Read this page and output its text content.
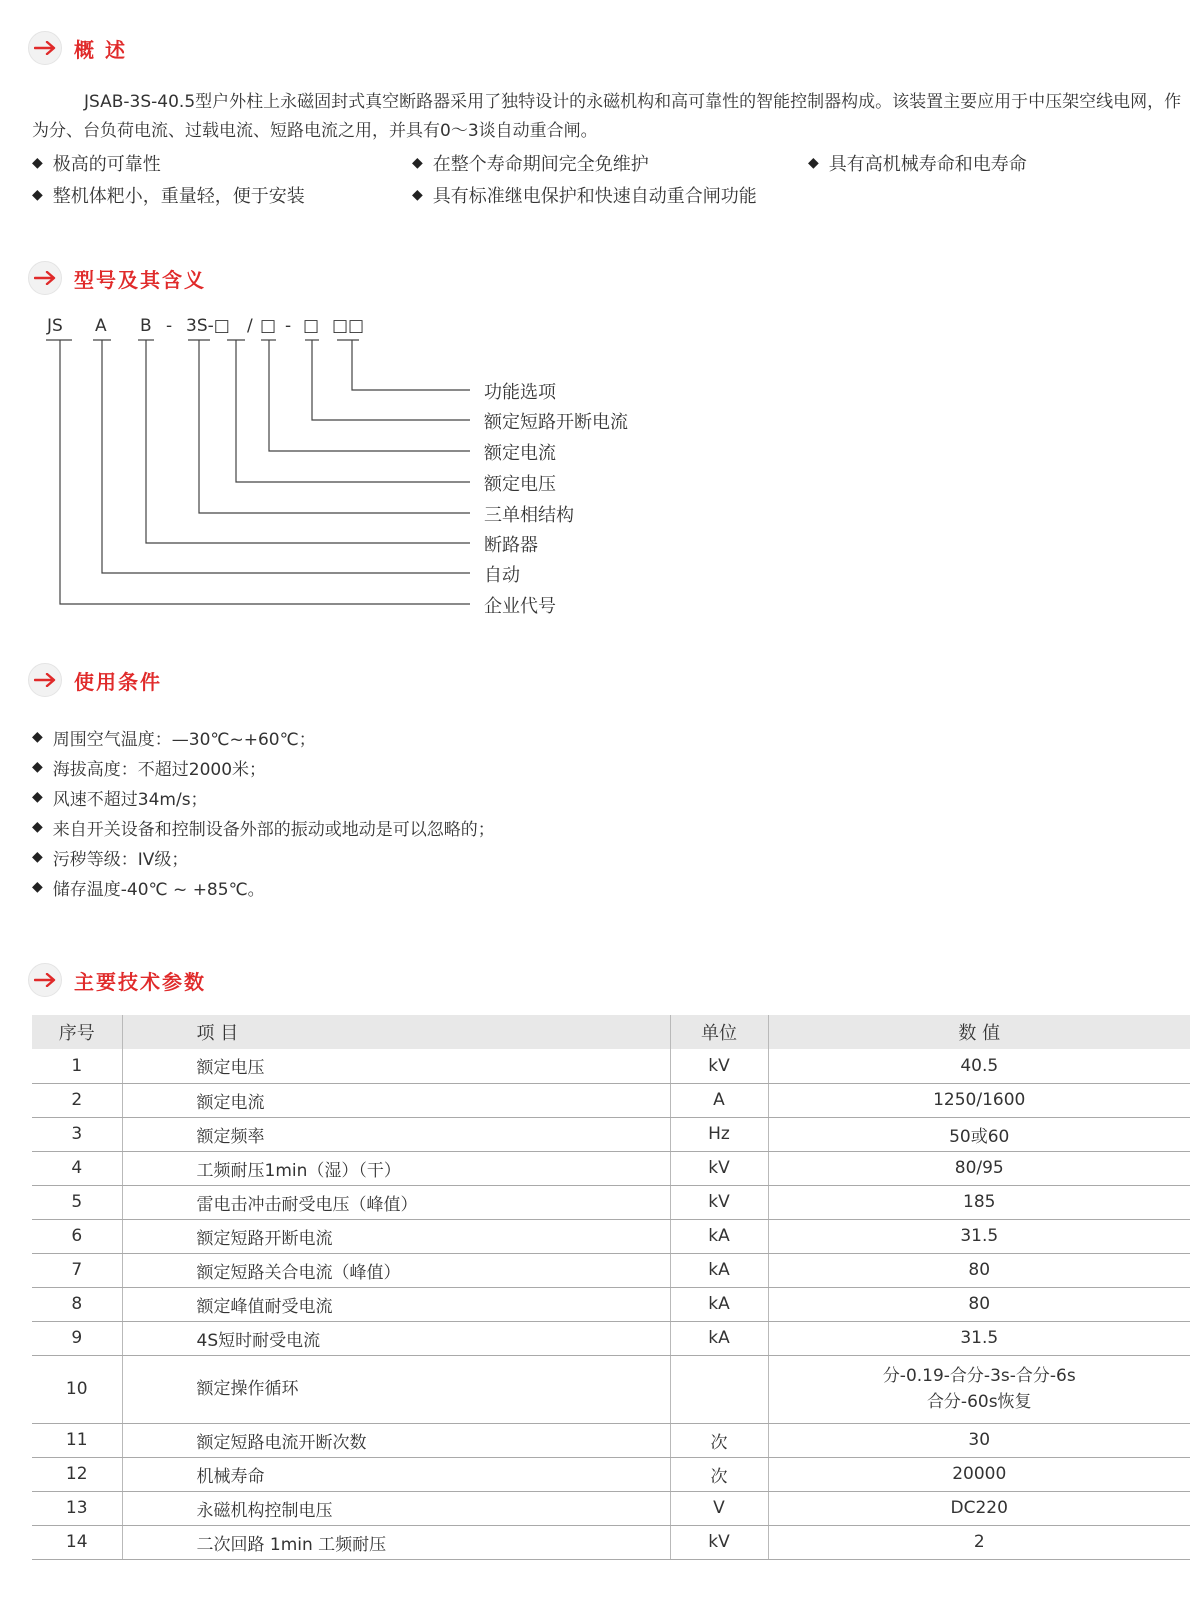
概 述

JSAB-3S-40.5型户外柱上永磁固封式真空断路器采用了独特设计的永磁机构和高可靠性的智能控制器构成。该装置主要应用于中压架空线电网，作为分、台负荷电流、过载电流、短路电流之用，并具有0～3谈自动重合闸。

◆ 极高的可靠性	◆ 在整个寿命期间完全免维护	◆ 具有高机械寿命和电寿命
◆ 整机体粑小，重量轻，便于安装	◆ 具有标准继电保护和快速自动重合闸功能
型号及其含义
JS A B - 3S-□ / □ - □ □□
功能选项
额定短路开断电流
额定电流
额定电压
三单相结构
断路器
自动
企业代号
使用条件
◆ 周围空气温度：—30℃~+60℃；
◆ 海拔高度：不超过2000米；
◆ 风速不超过34m/s；
◆ 来自开关设备和控制设备外部的振动或地动是可以忽略的；
◆ 污秽等级：IV级；
◆ 储存温度-40℃ ~ +85℃。
主要技术参数
序号	项 目	单位	数 值
1	额定电压	kV	40.5
2	额定电流	A	1250/1600
3	额定频率	Hz	50或60
4	工频耐压1min（湿）（干）	kV	80/95
5	雷电击冲击耐受电压（峰值）	kV	185
6	额定短路开断电流	kA	31.5
7	额定短路关合电流（峰值）	kA	80
8	额定峰值耐受电流	kA	80
9	4S短时耐受电流	kA	31.5
10	额定操作循环		分-0.19-合分-3s-合分-6s
合分-60s恢复

11	额定短路电流开断次数	次	30
12	机械寿命	次	20000
13	永磁机构控制电压	V	DC220
14	二次回路 1min 工频耐压	kV	2
